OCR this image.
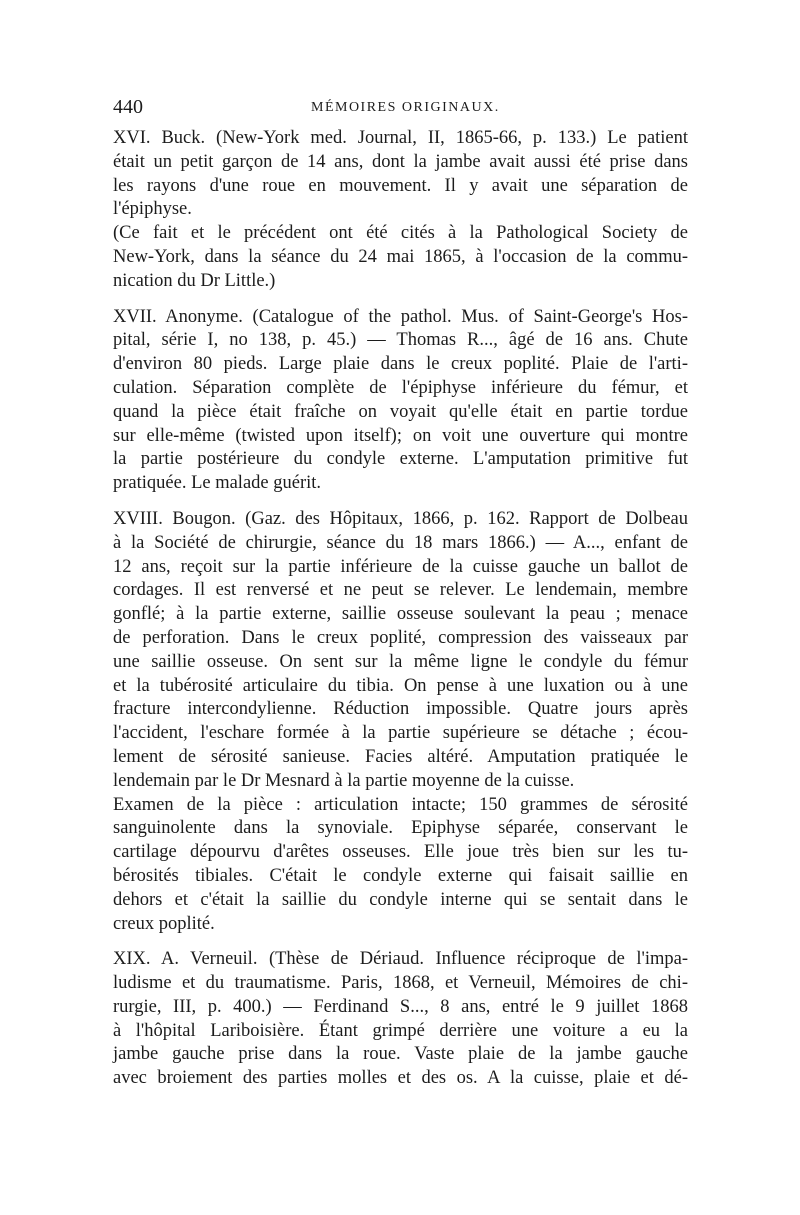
440	MÉMOIRES ORIGINAUX.

XVI. Buck. (New-York med. Journal, II, 1865-66, p. 133.) Le patient
était un petit garçon de 14 ans, dont la jambe avait aussi été prise dans
les rayons d'une roue en mouvement. Il y avait une séparation de
l'épiphyse.

(Ce fait et le précédent ont été cités à la Pathological Society de
New-York, dans la séance du 24 mai 1865, à l'occasion de la commu-
nication du Dr Little.)

XVII. Anonyme. (Catalogue of the pathol. Mus. of Saint-George's Hos-
pital, série I, no 138, p. 45.) — Thomas R..., âgé de 16 ans. Chute
d'environ 80 pieds. Large plaie dans le creux poplité. Plaie de l'arti-
culation. Séparation complète de l'épiphyse inférieure du fémur, et
quand la pièce était fraîche on voyait qu'elle était en partie tordue
sur elle-même (twisted upon itself); on voit une ouverture qui montre
la partie postérieure du condyle externe. L'amputation primitive fut
pratiquée. Le malade guérit.

XVIII. Bougon. (Gaz. des Hôpitaux, 1866, p. 162. Rapport de Dolbeau
à la Société de chirurgie, séance du 18 mars 1866.) — A..., enfant de
12 ans, reçoit sur la partie inférieure de la cuisse gauche un ballot de
cordages. Il est renversé et ne peut se relever. Le lendemain, membre
gonflé; à la partie externe, saillie osseuse soulevant la peau ; menace
de perforation. Dans le creux poplité, compression des vaisseaux par
une saillie osseuse. On sent sur la même ligne le condyle du fémur
et la tubérosité articulaire du tibia. On pense à une luxation ou à une
fracture intercondylienne. Réduction impossible. Quatre jours après
l'accident, l'eschare formée à la partie supérieure se détache ; écou-
lement de sérosité sanieuse. Facies altéré. Amputation pratiquée le
lendemain par le Dr Mesnard à la partie moyenne de la cuisse.

Examen de la pièce : articulation intacte; 150 grammes de sérosité
sanguinolente dans la synoviale. Epiphyse séparée, conservant le
cartilage dépourvu d'arêtes osseuses. Elle joue très bien sur les tu-
bérosités tibiales. C'était le condyle externe qui faisait saillie en
dehors et c'était la saillie du condyle interne qui se sentait dans le
creux poplité.

XIX. A. Verneuil. (Thèse de Dériaud. Influence réciproque de l'impa-
ludisme et du traumatisme. Paris, 1868, et Verneuil, Mémoires de chi-
rurgie, III, p. 400.) — Ferdinand S..., 8 ans, entré le 9 juillet 1868
à l'hôpital Lariboisière. Étant grimpé derrière une voiture a eu la
jambe gauche prise dans la roue. Vaste plaie de la jambe gauche
avec broiement des parties molles et des os. A la cuisse, plaie et dé-
